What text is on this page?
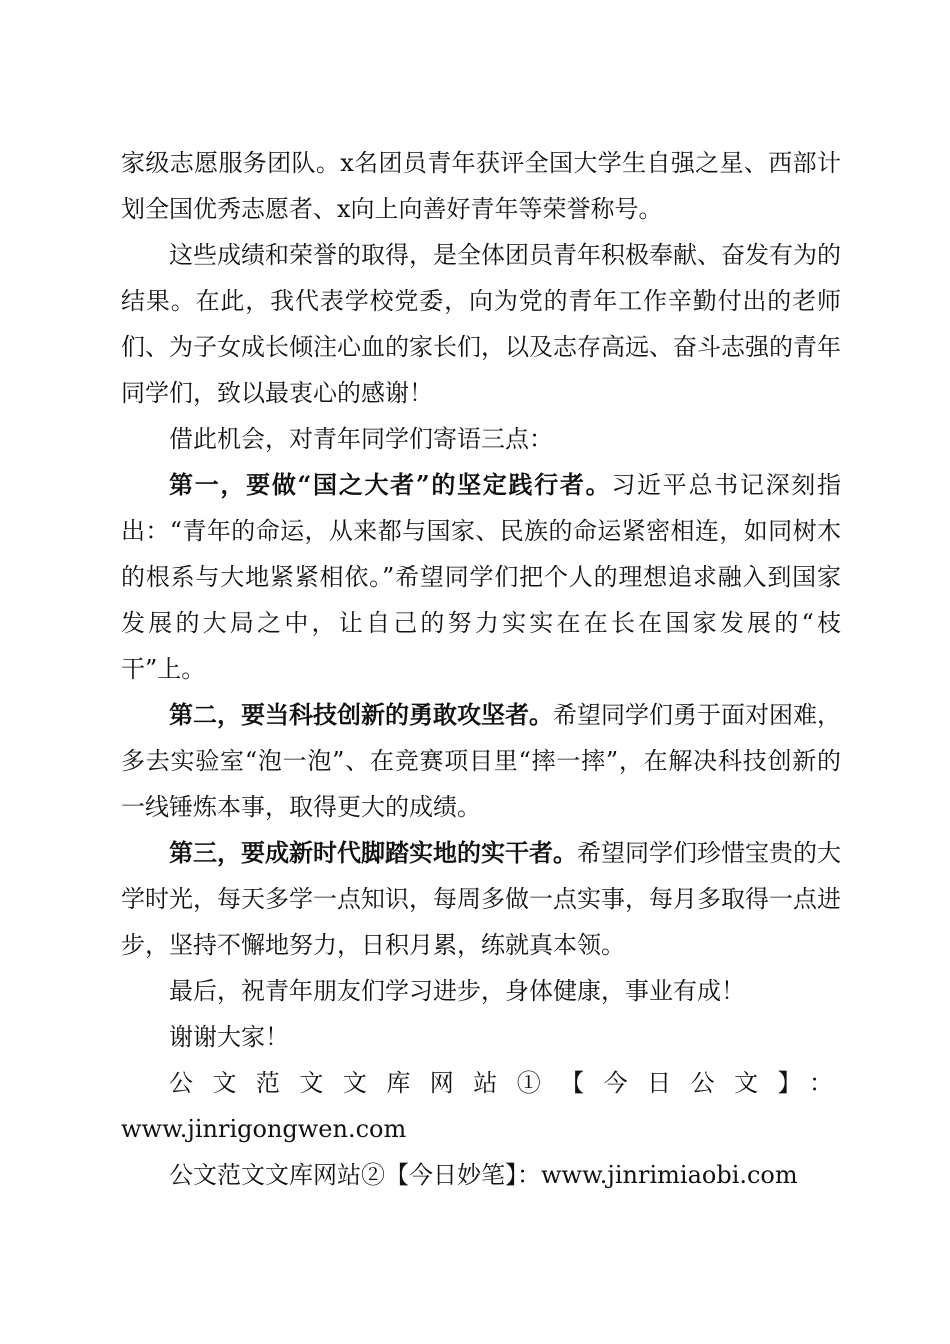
家级志愿服务团队。x名团员青年获评全国大学生自强之星、西部计划全国优秀志愿者、x向上向善好青年等荣誉称号。

这些成绩和荣誉的取得，是全体团员青年积极奉献、奋发有为的结果。在此，我代表学校党委，向为党的青年工作辛勤付出的老师们、为子女成长倾注心血的家长们，以及志存高远、奋斗志强的青年同学们，致以最衷心的感谢！

借此机会，对青年同学们寄语三点：

第一，要做“国之大者”的坚定践行者。习近平总书记深刻指出：“青年的命运，从来都与国家、民族的命运紧密相连，如同树木的根系与大地紧紧相依。”希望同学们把个人的理想追求融入到国家发展的大局之中，让自己的努力实实在在长在国家发展的“枝干”上。

第二，要当科技创新的勇敢攻坚者。希望同学们勇于面对困难，多去实验室“泡一泡”、在竞赛项目里“摔一摔”，在解决科技创新的一线锤炼本事，取得更大的成绩。

第三，要成新时代脚踏实地的实干者。希望同学们珍惜宝贵的大学时光，每天多学一点知识，每周多做一点实事，每月多取得一点进步，坚持不懈地努力，日积月累，练就真本领。

最后，祝青年朋友们学习进步，身体健康，事业有成！

谢谢大家！

公文范文文库网站①【今日公文】：

www.jinrigongwen.com

公文范文文库网站②【今日妙笔】：www.jinrimiaobi.com
